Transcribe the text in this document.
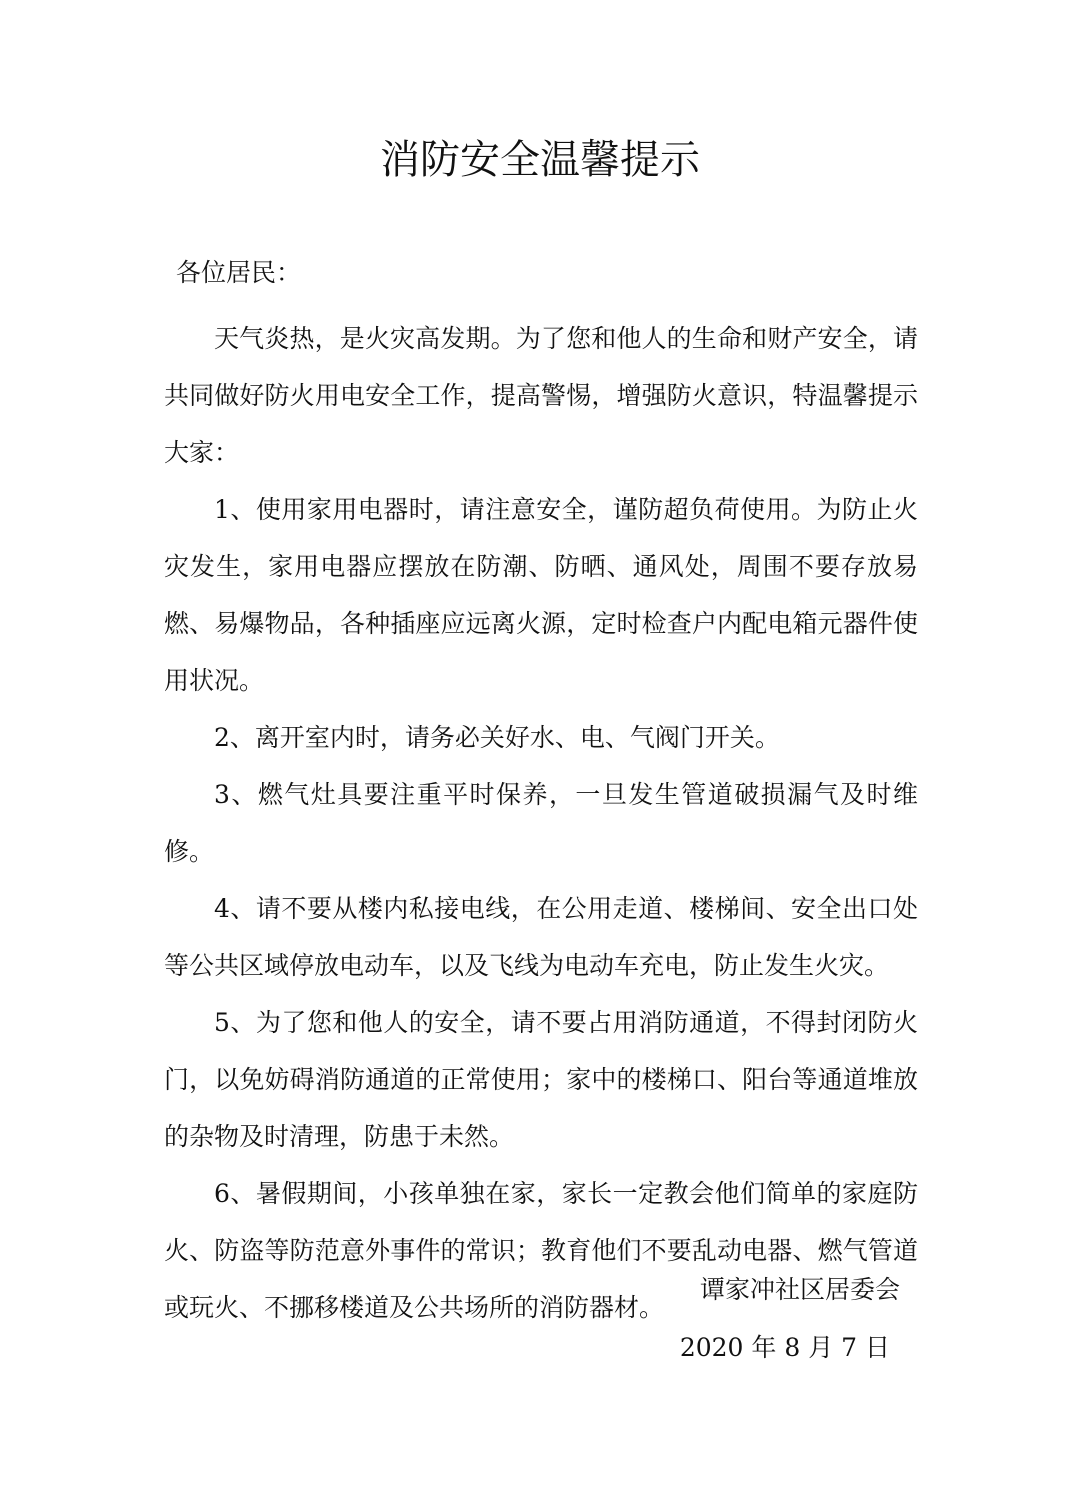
消防安全温馨提示

各位居民：

天气炎热，是火灾高发期。为了您和他人的生命和财产安全，请共同做好防火用电安全工作，提高警惕，增强防火意识，特温馨提示大家：

1、使用家用电器时，请注意安全，谨防超负荷使用。为防止火灾发生，家用电器应摆放在防潮、防晒、通风处，周围不要存放易燃、易爆物品，各种插座应远离火源，定时检查户内配电箱元器件使用状况。

2、离开室内时，请务必关好水、电、气阀门开关。

3、燃气灶具要注重平时保养，一旦发生管道破损漏气及时维修。

4、请不要从楼内私接电线，在公用走道、楼梯间、安全出口处等公共区域停放电动车，以及飞线为电动车充电，防止发生火灾。

5、为了您和他人的安全，请不要占用消防通道，不得封闭防火门，以免妨碍消防通道的正常使用；家中的楼梯口、阳台等通道堆放的杂物及时清理，防患于未然。

6、暑假期间，小孩单独在家，家长一定教会他们简单的家庭防火、防盗等防范意外事件的常识；教育他们不要乱动电器、燃气管道或玩火、不挪移楼道及公共场所的消防器材。

谭家冲社区居委会

2020 年 8 月 7 日
